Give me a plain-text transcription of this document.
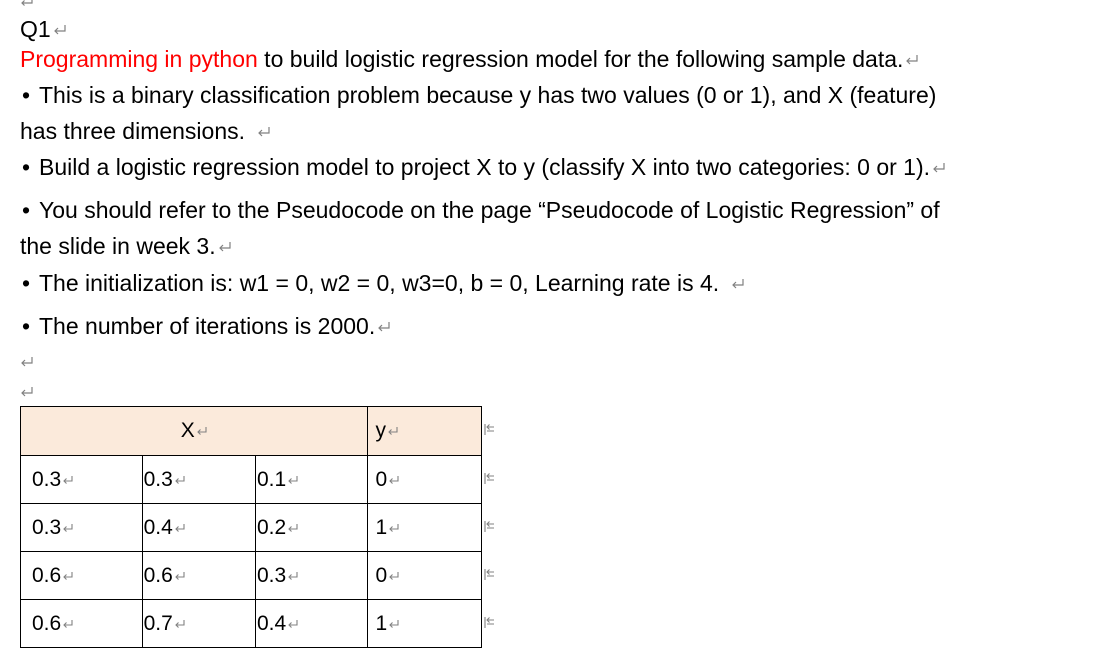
Q1
Programming in python to build logistic regression model for the following sample data.
• This is a binary classification problem because y has two values (0 or 1), and X (feature)
has three dimensions.
• Build a logistic regression model to project X to y (classify X into two categories: 0 or 1).
• You should refer to the Pseudocode on the page “Pseudocode of Logistic Regression” of
the slide in week 3.
• The initialization is: w1 = 0, w2 = 0, w3=0, b = 0, Learning rate is 4.
• The number of iterations is 2000.
X			y

0.3	0.3	0.1	0

0.3	0.4	0.2	1

0.6	0.6	0.3	0

0.6	0.7	0.4	1
